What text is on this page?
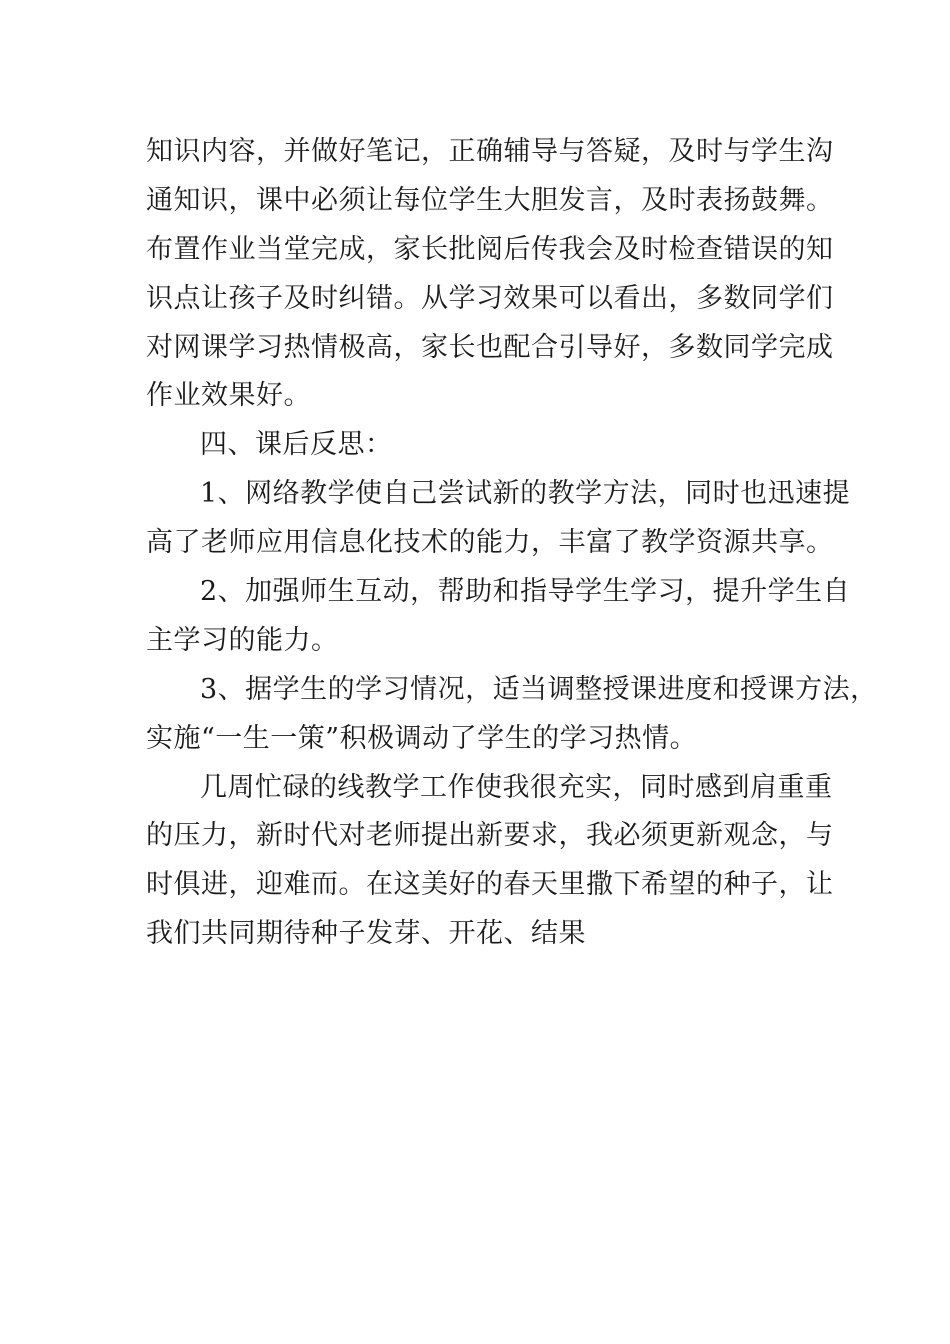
知识内容，并做好笔记，正确辅导与答疑，及时与学生沟
通知识，课中必须让每位学生大胆发言，及时表扬鼓舞。
布置作业当堂完成，家长批阅后传我会及时检查错误的知
识点让孩子及时纠错。从学习效果可以看出，多数同学们
对网课学习热情极高，家长也配合引导好，多数同学完成
作业效果好。
四、课后反思：
1、网络教学使自己尝试新的教学方法，同时也迅速提
高了老师应用信息化技术的能力，丰富了教学资源共享。
2、加强师生互动，帮助和指导学生学习，提升学生自
主学习的能力。
3、据学生的学习情况，适当调整授课进度和授课方法，
实施“一生一策”积极调动了学生的学习热情。
几周忙碌的线教学工作使我很充实，同时感到肩重重
的压力，新时代对老师提出新要求，我必须更新观念，与
时俱进，迎难而。在这美好的春天里撒下希望的种子，让
我们共同期待种子发芽、开花、结果
